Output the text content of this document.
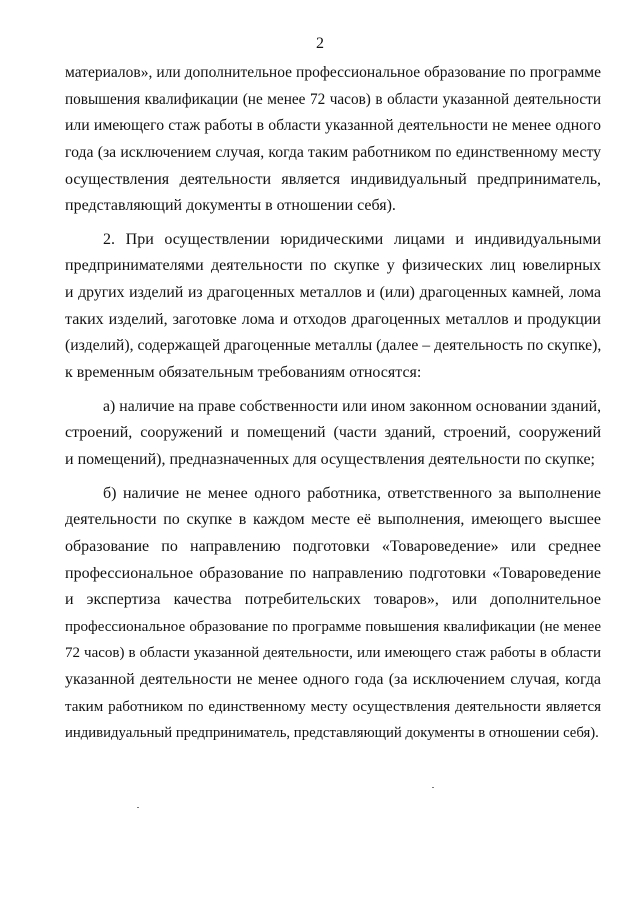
2
материалов», или дополнительное профессиональное образование по программе
повышения квалификации (не менее 72 часов) в области указанной деятельности
или имеющего стаж работы в области указанной деятельности не менее одного
года (за исключением случая, когда таким работником по единственному месту
осуществления деятельности является индивидуальный предприниматель,
представляющий документы в отношении себя).
2. При осуществлении юридическими лицами и индивидуальными
предпринимателями деятельности по скупке у физических лиц ювелирных
и других изделий из драгоценных металлов и (или) драгоценных камней, лома
таких изделий, заготовке лома и отходов драгоценных металлов и продукции
(изделий), содержащей драгоценные металлы (далее – деятельность по скупке),
к временным обязательным требованиям относятся:
а) наличие на праве собственности или ином законном основании зданий,
строений, сооружений и помещений (части зданий, строений, сооружений
и помещений), предназначенных для осуществления деятельности по скупке;
б) наличие не менее одного работника, ответственного за выполнение
деятельности по скупке в каждом месте её выполнения, имеющего высшее
образование по направлению подготовки «Товароведение» или среднее
профессиональное образование по направлению подготовки «Товароведение
и экспертиза качества потребительских товаров», или дополнительное
профессиональное образование по программе повышения квалификации (не менее
72 часов) в области указанной деятельности, или имеющего стаж работы в области
указанной деятельности не менее одного года (за исключением случая, когда
таким работником по единственному месту осуществления деятельности является
индивидуальный предприниматель, представляющий документы в отношении себя).
